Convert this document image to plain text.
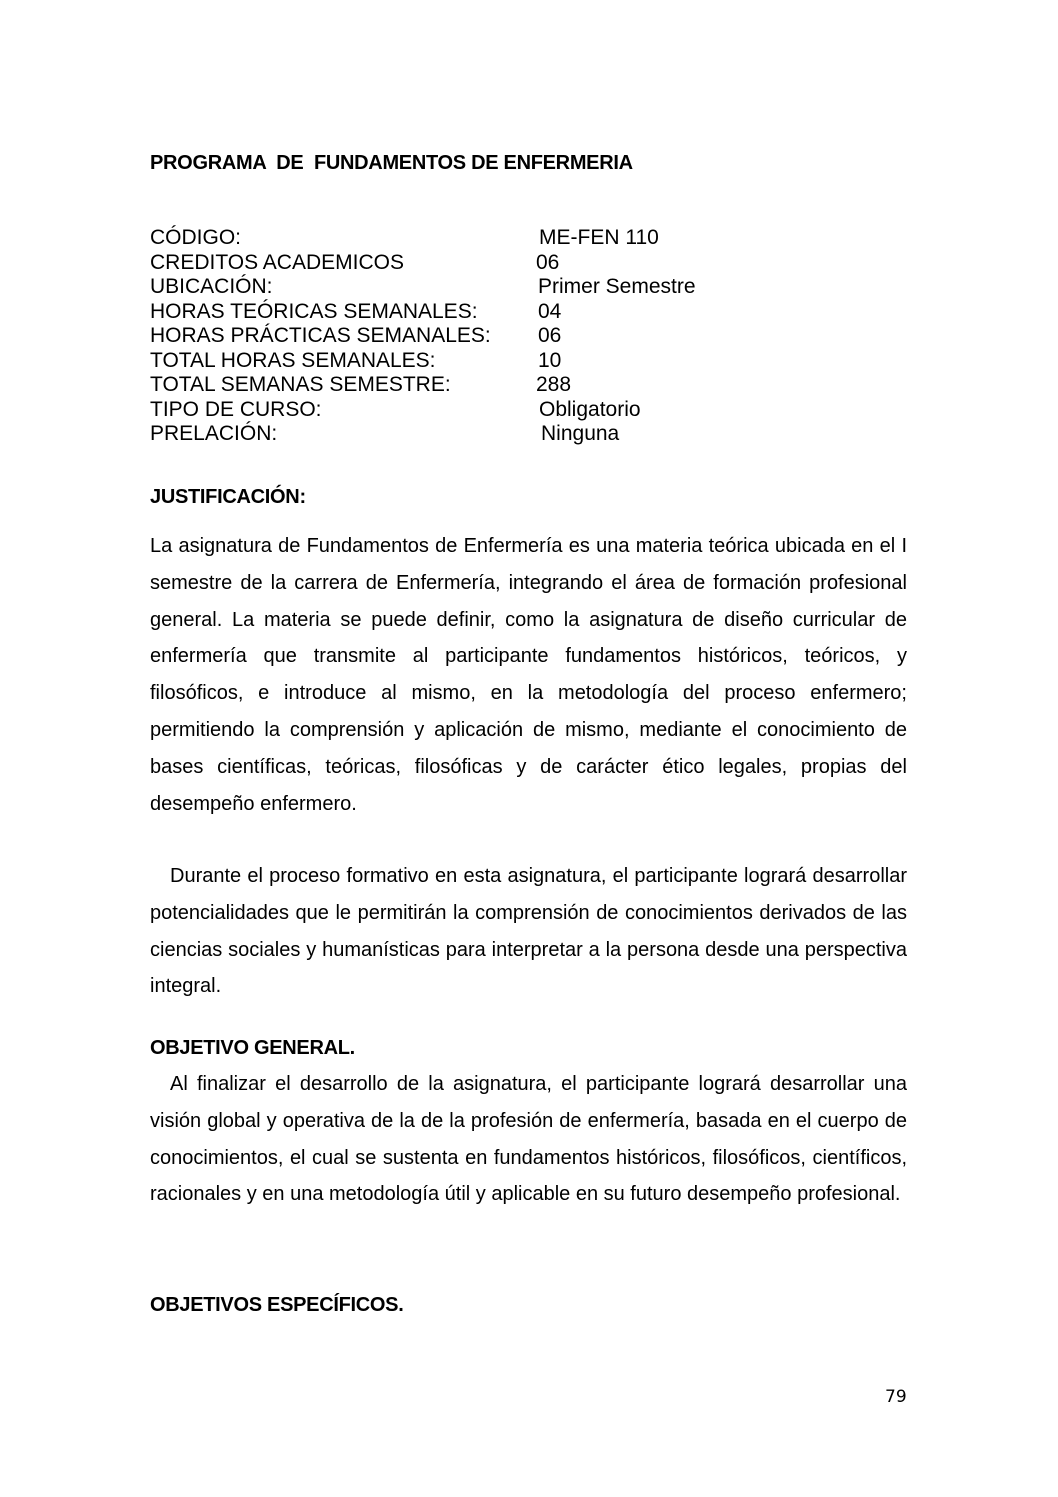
PROGRAMA  DE  FUNDAMENTOS DE ENFERMERIA
CÓDIGO:	ME-FEN 110
CREDITOS ACADEMICOS	06
UBICACIÓN:	Primer Semestre
HORAS TEÓRICAS SEMANALES:	04
HORAS PRÁCTICAS SEMANALES: 06
TOTAL HORAS SEMANALES:	10
TOTAL SEMANAS SEMESTRE:	288
TIPO DE CURSO:	Obligatorio
PRELACIÓN:	Ninguna
JUSTIFICACIÓN:
La asignatura de Fundamentos de Enfermería es una materia teórica ubicada en el I semestre de la carrera de Enfermería, integrando el área de formación profesional general. La materia se puede definir, como la asignatura de diseño curricular de enfermería que transmite al participante fundamentos históricos, teóricos, y filosóficos, e introduce al mismo, en la metodología del proceso enfermero; permitiendo la comprensión y aplicación de mismo, mediante el conocimiento de bases científicas, teóricas, filosóficas y de carácter ético legales, propias del desempeño enfermero.
Durante el proceso formativo en esta asignatura, el participante logrará desarrollar potencialidades que le permitirán la comprensión de conocimientos derivados de las ciencias sociales y humanísticas para interpretar a la persona desde una perspectiva integral.
OBJETIVO GENERAL.
Al finalizar el desarrollo de la asignatura, el participante logrará desarrollar una visión global y operativa de la de la profesión de enfermería, basada en el cuerpo de conocimientos, el cual se sustenta en fundamentos históricos, filosóficos, científicos, racionales y en una metodología útil y aplicable en su futuro desempeño profesional.
OBJETIVOS ESPECÍFICOS.
79
